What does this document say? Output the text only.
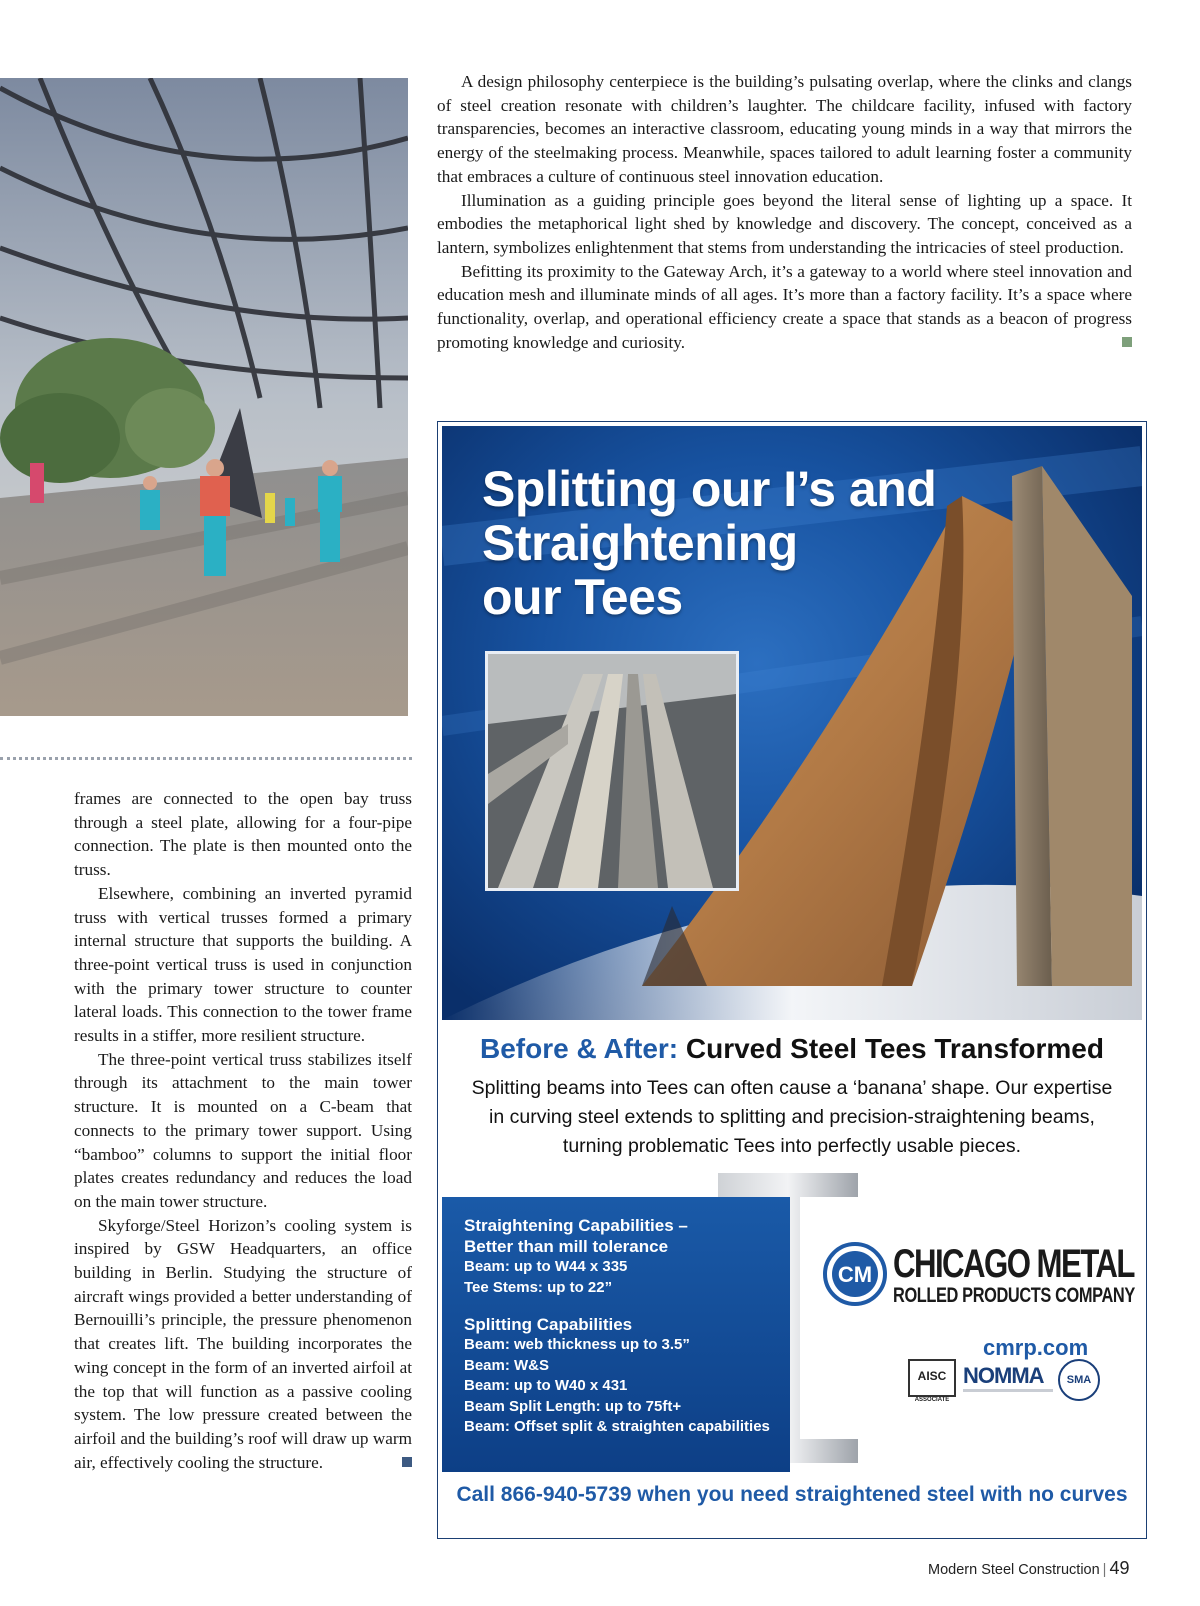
A design philosophy centerpiece is the building’s pulsating overlap, where the clinks and clangs of steel creation resonate with children’s laughter. The childcare facility, infused with factory transparencies, becomes an interactive classroom, educating young minds in a way that mirrors the energy of the steelmaking process. Meanwhile, spaces tailored to adult learning foster a community that embraces a culture of continuous steel innovation education.

Illumination as a guiding principle goes beyond the literal sense of lighting up a space. It embodies the metaphorical light shed by knowledge and discovery. The concept, conceived as a lantern, symbolizes enlightenment that stems from understanding the intricacies of steel production.

Befitting its proximity to the Gateway Arch, it’s a gateway to a world where steel innovation and education mesh and illuminate minds of all ages. It’s more than a factory facility. It’s a space where functionality, overlap, and operational efficiency create a space that stands as a beacon of progress promoting knowledge and curiosity.

frames are connected to the open bay truss through a steel plate, allowing for a four-pipe connection. The plate is then mounted onto the truss.

Elsewhere, combining an inverted pyramid truss with vertical trusses formed a primary internal structure that supports the building. A three-point vertical truss is used in conjunction with the primary tower structure to counter lateral loads. This connection to the tower frame results in a stiffer, more resilient structure.

The three-point vertical truss stabilizes itself through its attachment to the main tower structure. It is mounted on a C-beam that connects to the primary tower support. Using “bamboo” columns to support the initial floor plates creates redundancy and reduces the load on the main tower structure.

Skyforge/Steel Horizon’s cooling system is inspired by GSW Headquarters, an office building in Berlin. Studying the structure of aircraft wings provided a better understanding of Bernouilli’s principle, the pressure phenomenon that creates lift. The building incorporates the wing concept in the form of an inverted airfoil at the top that will function as a passive cooling system. The low pressure created between the airfoil and the building’s roof will draw up warm air, effectively cooling the structure.

Splitting our I’s and
Straightening
our Tees

Before & After: Curved Steel Tees Transformed

Splitting beams into Tees can often cause a ‘banana’ shape. Our expertise in curving steel extends to splitting and precision-straightening beams, turning problematic Tees into perfectly usable pieces.

Straightening Capabilities –

Better than mill tolerance

Beam: up to W44 x 335

Tee Stems: up to 22”

Splitting Capabilities

Beam: web thickness up to 3.5”

Beam: W&S

Beam: up to W40 x 431

Beam Split Length: up to 75ft+

Beam: Offset split & straighten capabilities

CM CHICAGO METAL
ROLLED PRODUCTS COMPANY
cmrp.com
AISC
ASSOCIATE
NOMMA	SMA
Call 866-940-5739 when you need straightened steel with no curves
Modern Steel Construction | 49
